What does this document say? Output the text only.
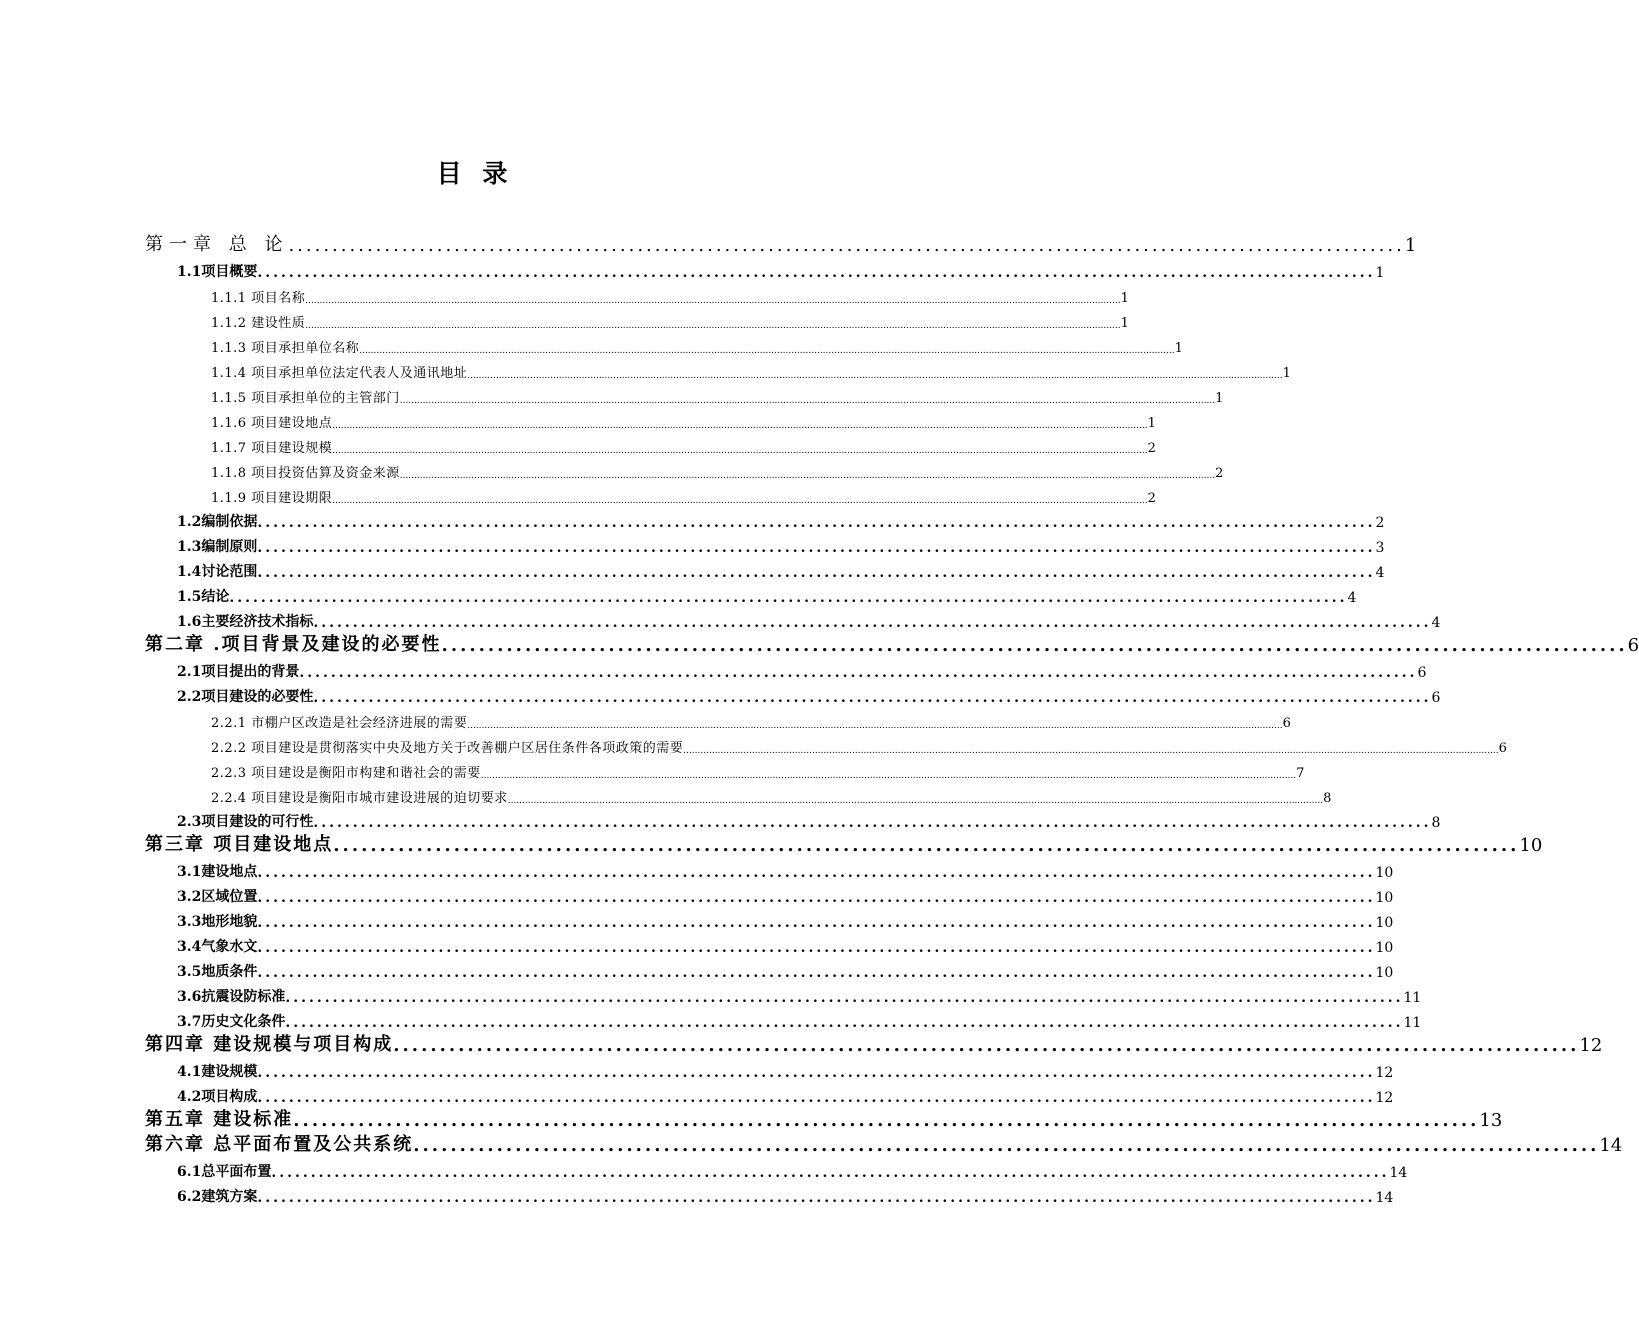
目 录
第一章 总 论 ................................................................................................................................ 1
1.1项目概要 .............................................................................................................................................. 1
1.1.1 项目名称 ............................................................................................................................................................................................................................................................................................. 1
1.1.2 建设性质 ............................................................................................................................................................................................................................................................................................. 1
1.1.3 项目承担单位名称 ............................................................................................................................................................................................................................................................................................. 1
1.1.4 项目承担单位法定代表人及通讯地址 ............................................................................................................................................................................................................................................................................................. 1
1.1.5 项目承担单位的主管部门 ............................................................................................................................................................................................................................................................................................. 1
1.1.6 项目建设地点 ............................................................................................................................................................................................................................................................................................. 1
1.1.7 项目建设规模 ............................................................................................................................................................................................................................................................................................. 2
1.1.8 项目投资估算及资金来源 ............................................................................................................................................................................................................................................................................................. 2
1.1.9 项目建设期限 ............................................................................................................................................................................................................................................................................................. 2
1.2编制依据 .............................................................................................................................................. 2
1.3编制原则 .............................................................................................................................................. 3
1.4讨论范围 .............................................................................................................................................. 4
1.5结论 .............................................................................................................................................. 4
1.6主要经济技术指标 .............................................................................................................................................. 4
第二章 .项目背景及建设的必要性 ................................................................................................................................ 6
2.1项目提出的背景 .............................................................................................................................................. 6
2.2项目建设的必要性 .............................................................................................................................................. 6
2.2.1 市棚户区改造是社会经济进展的需要 ............................................................................................................................................................................................................................................................................................. 6
2.2.2 项目建设是贯彻落实中央及地方关于改善棚户区居住条件各项政策的需要 ............................................................................................................................................................................................................................................................................................. 6
2.2.3 项目建设是衡阳市构建和谐社会的需要 ............................................................................................................................................................................................................................................................................................. 7
2.2.4 项目建设是衡阳市城市建设进展的迫切要求 ............................................................................................................................................................................................................................................................................................. 8
2.3项目建设的可行性 .............................................................................................................................................. 8
第三章 项目建设地点 ................................................................................................................................ 10
3.1建设地点 .............................................................................................................................................. 10
3.2区域位置 .............................................................................................................................................. 10
3.3地形地貌 .............................................................................................................................................. 10
3.4气象水文 .............................................................................................................................................. 10
3.5地质条件 .............................................................................................................................................. 10
3.6抗震设防标准 .............................................................................................................................................. 11
3.7历史文化条件 .............................................................................................................................................. 11
第四章 建设规模与项目构成 ................................................................................................................................ 12
4.1建设规模 .............................................................................................................................................. 12
4.2项目构成 .............................................................................................................................................. 12
第五章 建设标准 ................................................................................................................................ 13
第六章 总平面布置及公共系统 ................................................................................................................................ 14
6.1总平面布置 .............................................................................................................................................. 14
6.2建筑方案 .............................................................................................................................................. 14
